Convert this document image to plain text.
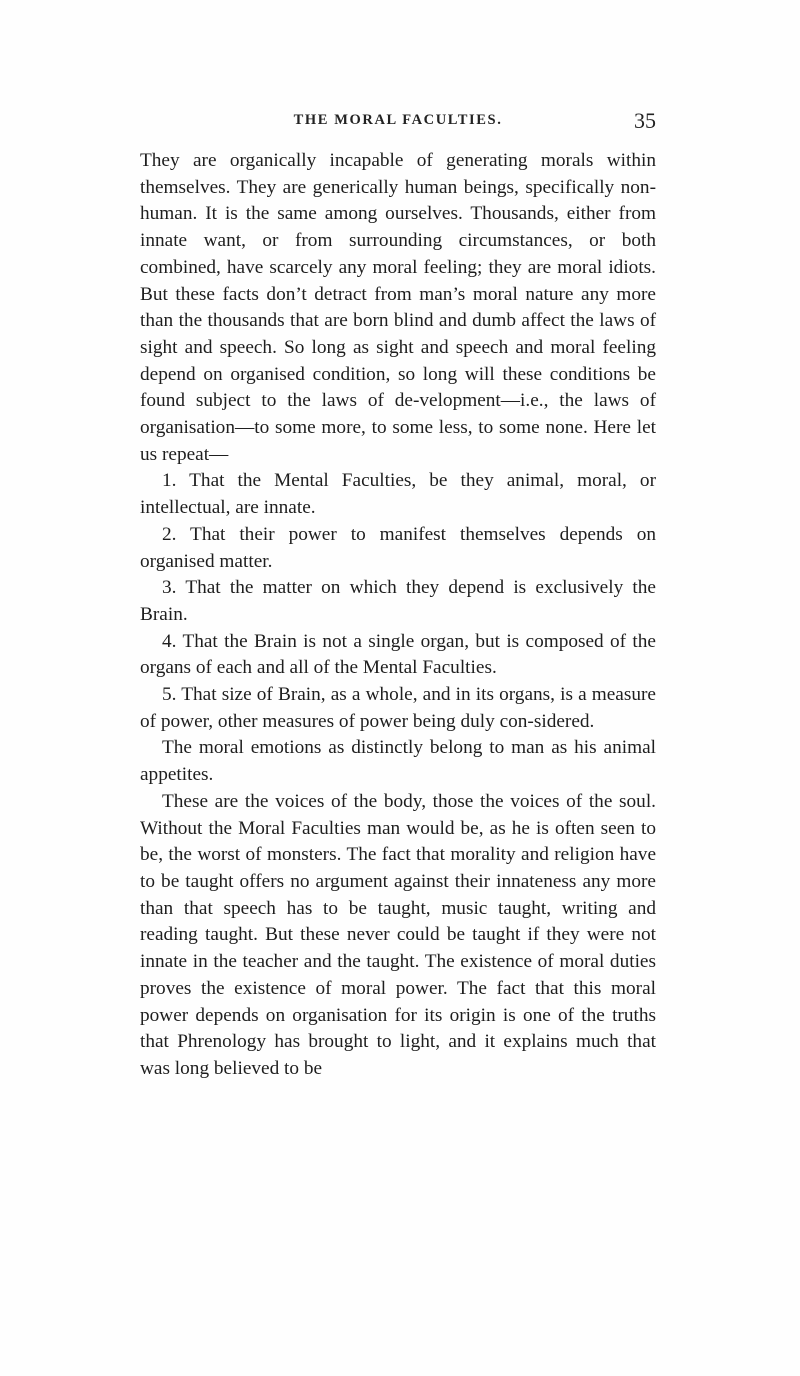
THE MORAL FACULTIES.	35

They are organically incapable of generating morals within themselves. They are generically human beings, specifically non-human. It is the same among ourselves. Thousands, either from innate want, or from surrounding circumstances, or both combined, have scarcely any moral feeling; they are moral idiots. But these facts don’t detract from man’s moral nature any more than the thousands that are born blind and dumb affect the laws of sight and speech. So long as sight and speech and moral feeling depend on organised condition, so long will these conditions be found subject to the laws of de-velopment—i.e., the laws of organisation—to some more, to some less, to some none. Here let us repeat—

1. That the Mental Faculties, be they animal, moral, or intellectual, are innate.

2. That their power to manifest themselves depends on organised matter.

3. That the matter on which they depend is exclusively the Brain.

4. That the Brain is not a single organ, but is composed of the organs of each and all of the Mental Faculties.

5. That size of Brain, as a whole, and in its organs, is a measure of power, other measures of power being duly con-sidered.

The moral emotions as distinctly belong to man as his animal appetites.

These are the voices of the body, those the voices of the soul. Without the Moral Faculties man would be, as he is often seen to be, the worst of monsters. The fact that morality and religion have to be taught offers no argument against their innateness any more than that speech has to be taught, music taught, writing and reading taught. But these never could be taught if they were not innate in the teacher and the taught. The existence of moral duties proves the existence of moral power. The fact that this moral power depends on organisation for its origin is one of the truths that Phrenology has brought to light, and it explains much that was long believed to be
